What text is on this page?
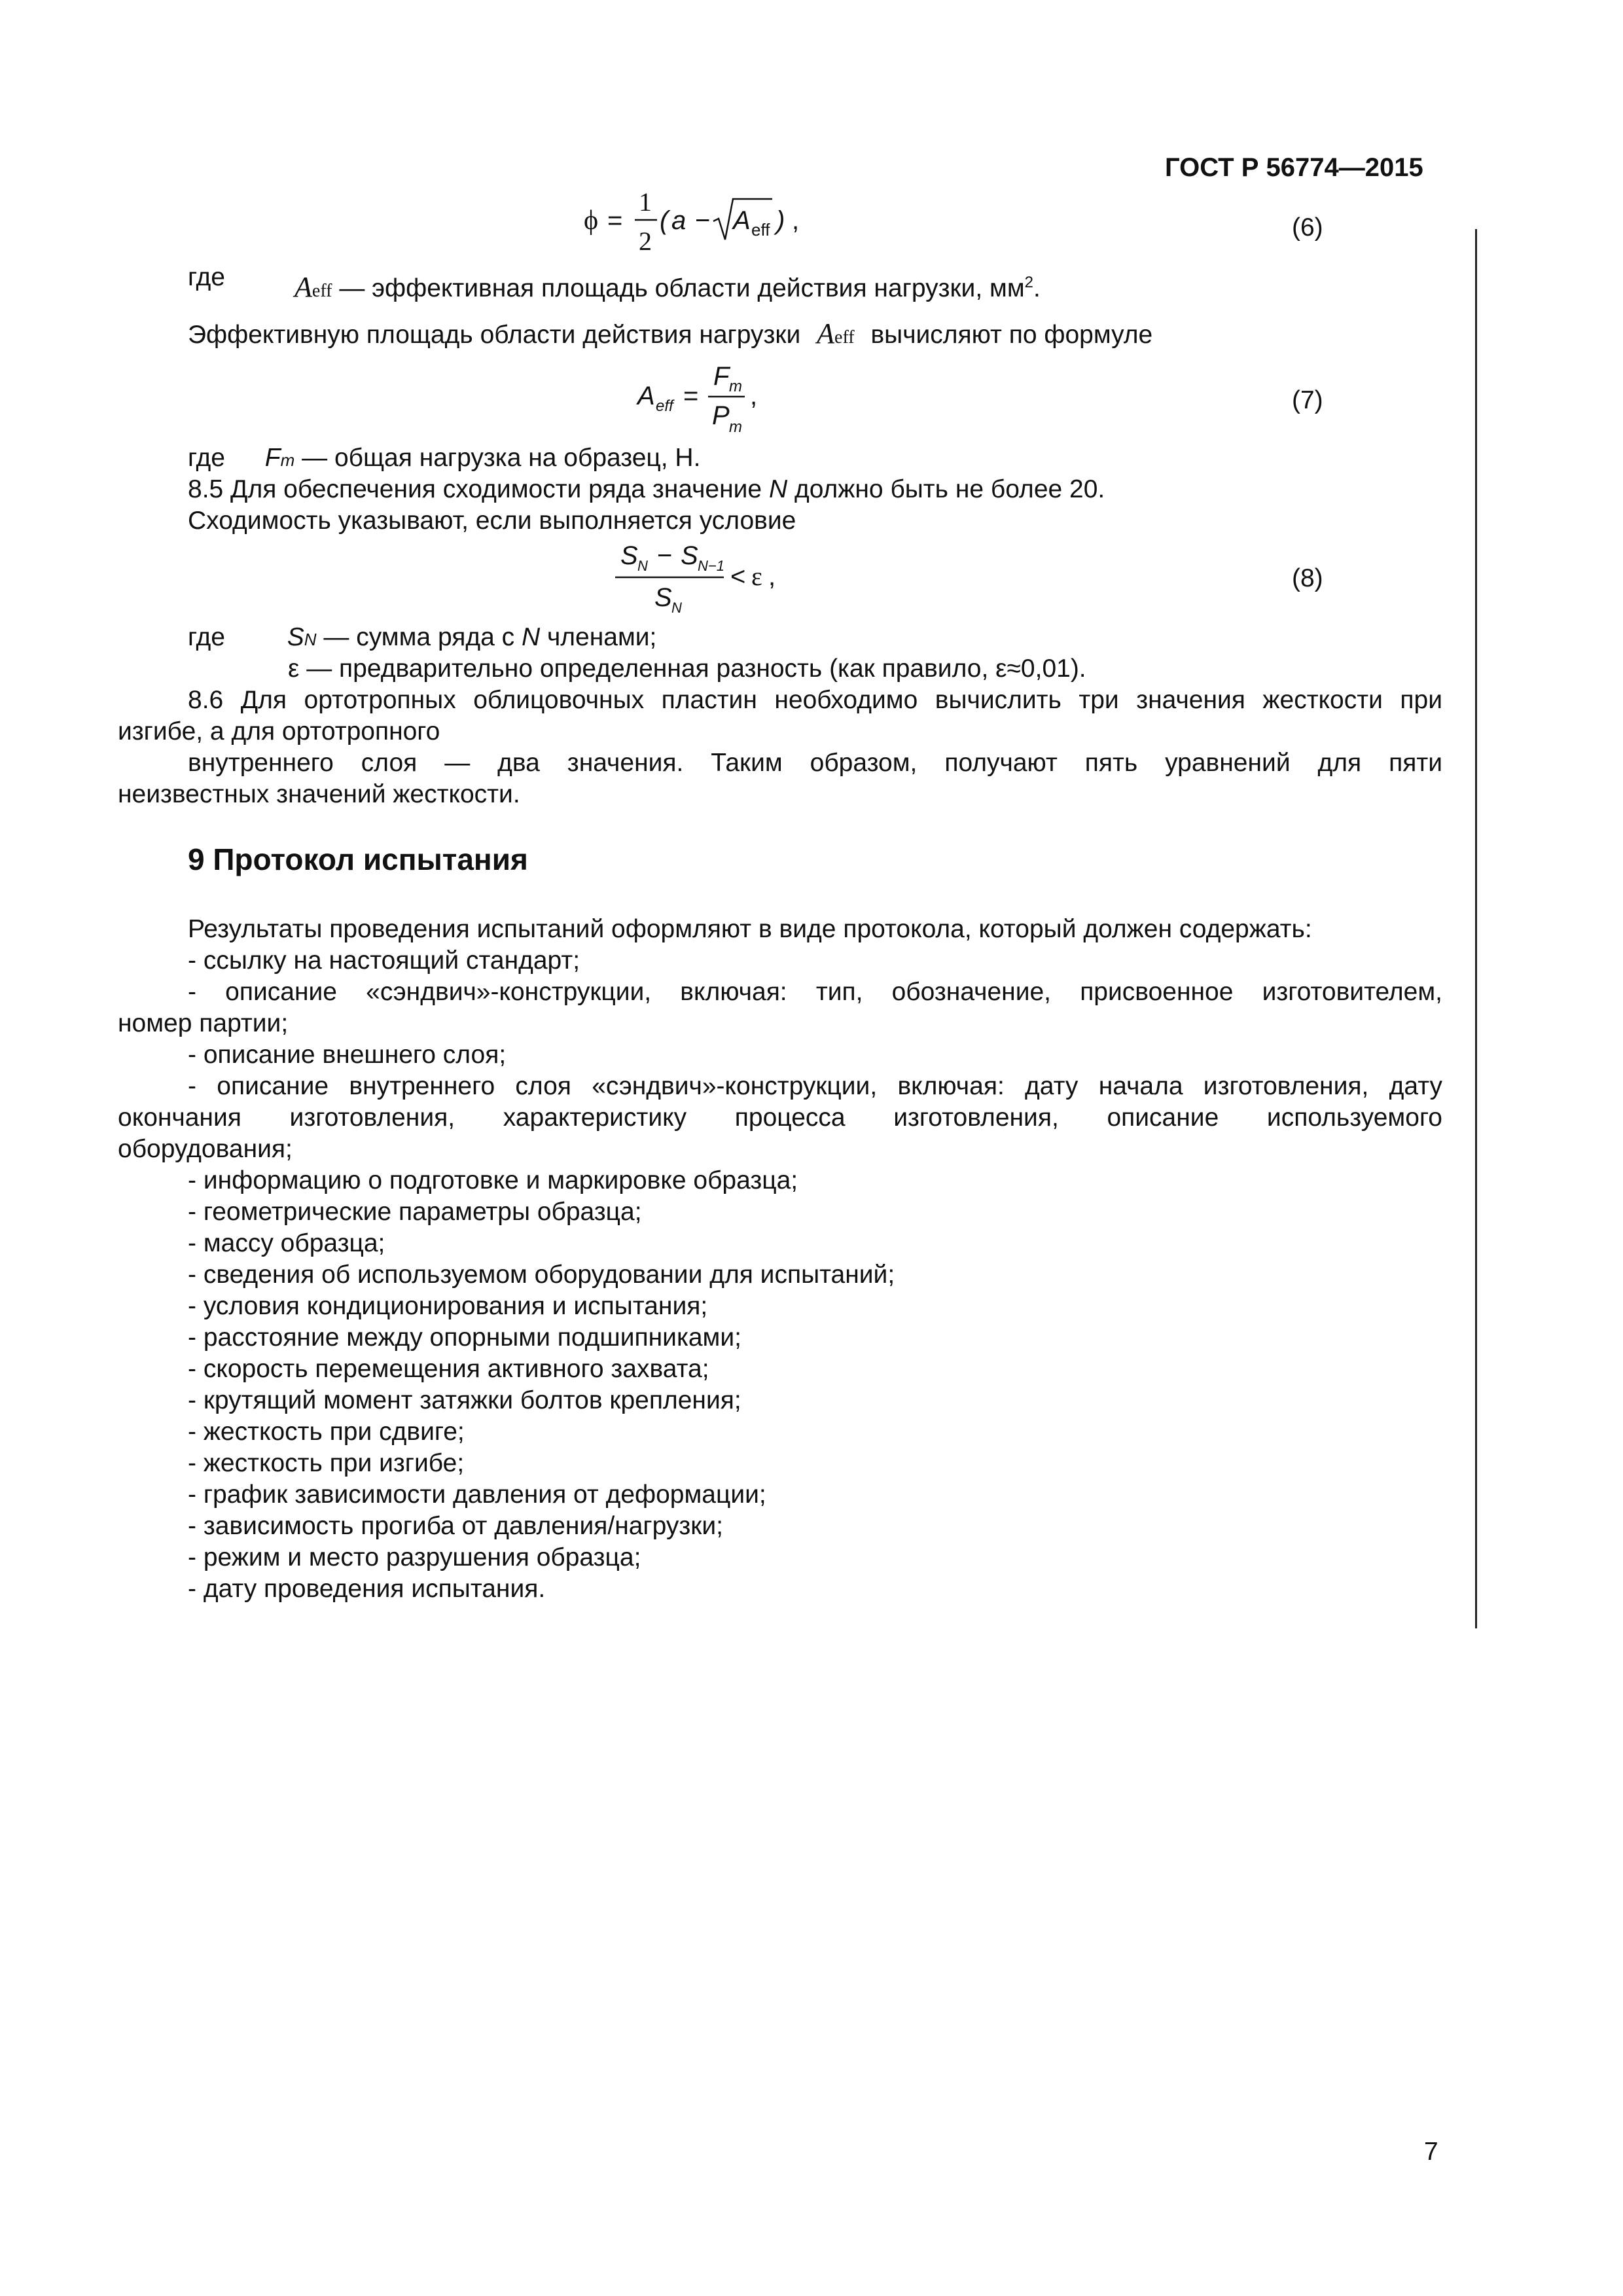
ГОСТ Р 56774—2015
ϕ =
1
2
( a − A eff ) ,	(6)
где Aeff — эффективная площадь области действия нагрузки, $мм^2$.
Эффективную площадь области действия нагрузки Aeff вычисляют по формуле
A eff =
F m
P m
,	(7)
где Fm — общая нагрузка на образец, Н.
8.5 Для обеспечения сходимости ряда значение N должно быть не более 20.
Сходимость указывают, если выполняется условие
S N − S N−1
S N
< ε ,	(8)
где SN — сумма ряда с N членами;
ε — предварительно определенная разность (как правило, ε≈0,01).
8.6 Для ортотропных облицовочных пластин необходимо вычислить три значения жесткости при
изгибе, а для ортотропного
внутреннего слоя — два значения. Таким образом, получают пять уравнений для пяти
неизвестных значений жесткости.
9 Протокол испытания
Результаты проведения испытаний оформляют в виде протокола, который должен содержать:
- ссылку на настоящий стандарт;
- описание «сэндвич»-конструкции, включая: тип, обозначение, присвоенное изготовителем,
номер партии;
- описание внешнего слоя;
- описание внутреннего слоя «сэндвич»-конструкции, включая: дату начала изготовления, дату
окончания изготовления, характеристику процесса изготовления, описание используемого
оборудования;
- информацию о подготовке и маркировке образца;
- геометрические параметры образца;
- массу образца;
- сведения об используемом оборудовании для испытаний;
- условия кондиционирования и испытания;
- расстояние между опорными подшипниками;
- скорость перемещения активного захвата;
- крутящий момент затяжки болтов крепления;
- жесткость при сдвиге;
- жесткость при изгибе;
- график зависимости давления от деформации;
- зависимость прогиба от давления/нагрузки;
- режим и место разрушения образца;
- дату проведения испытания.
7
